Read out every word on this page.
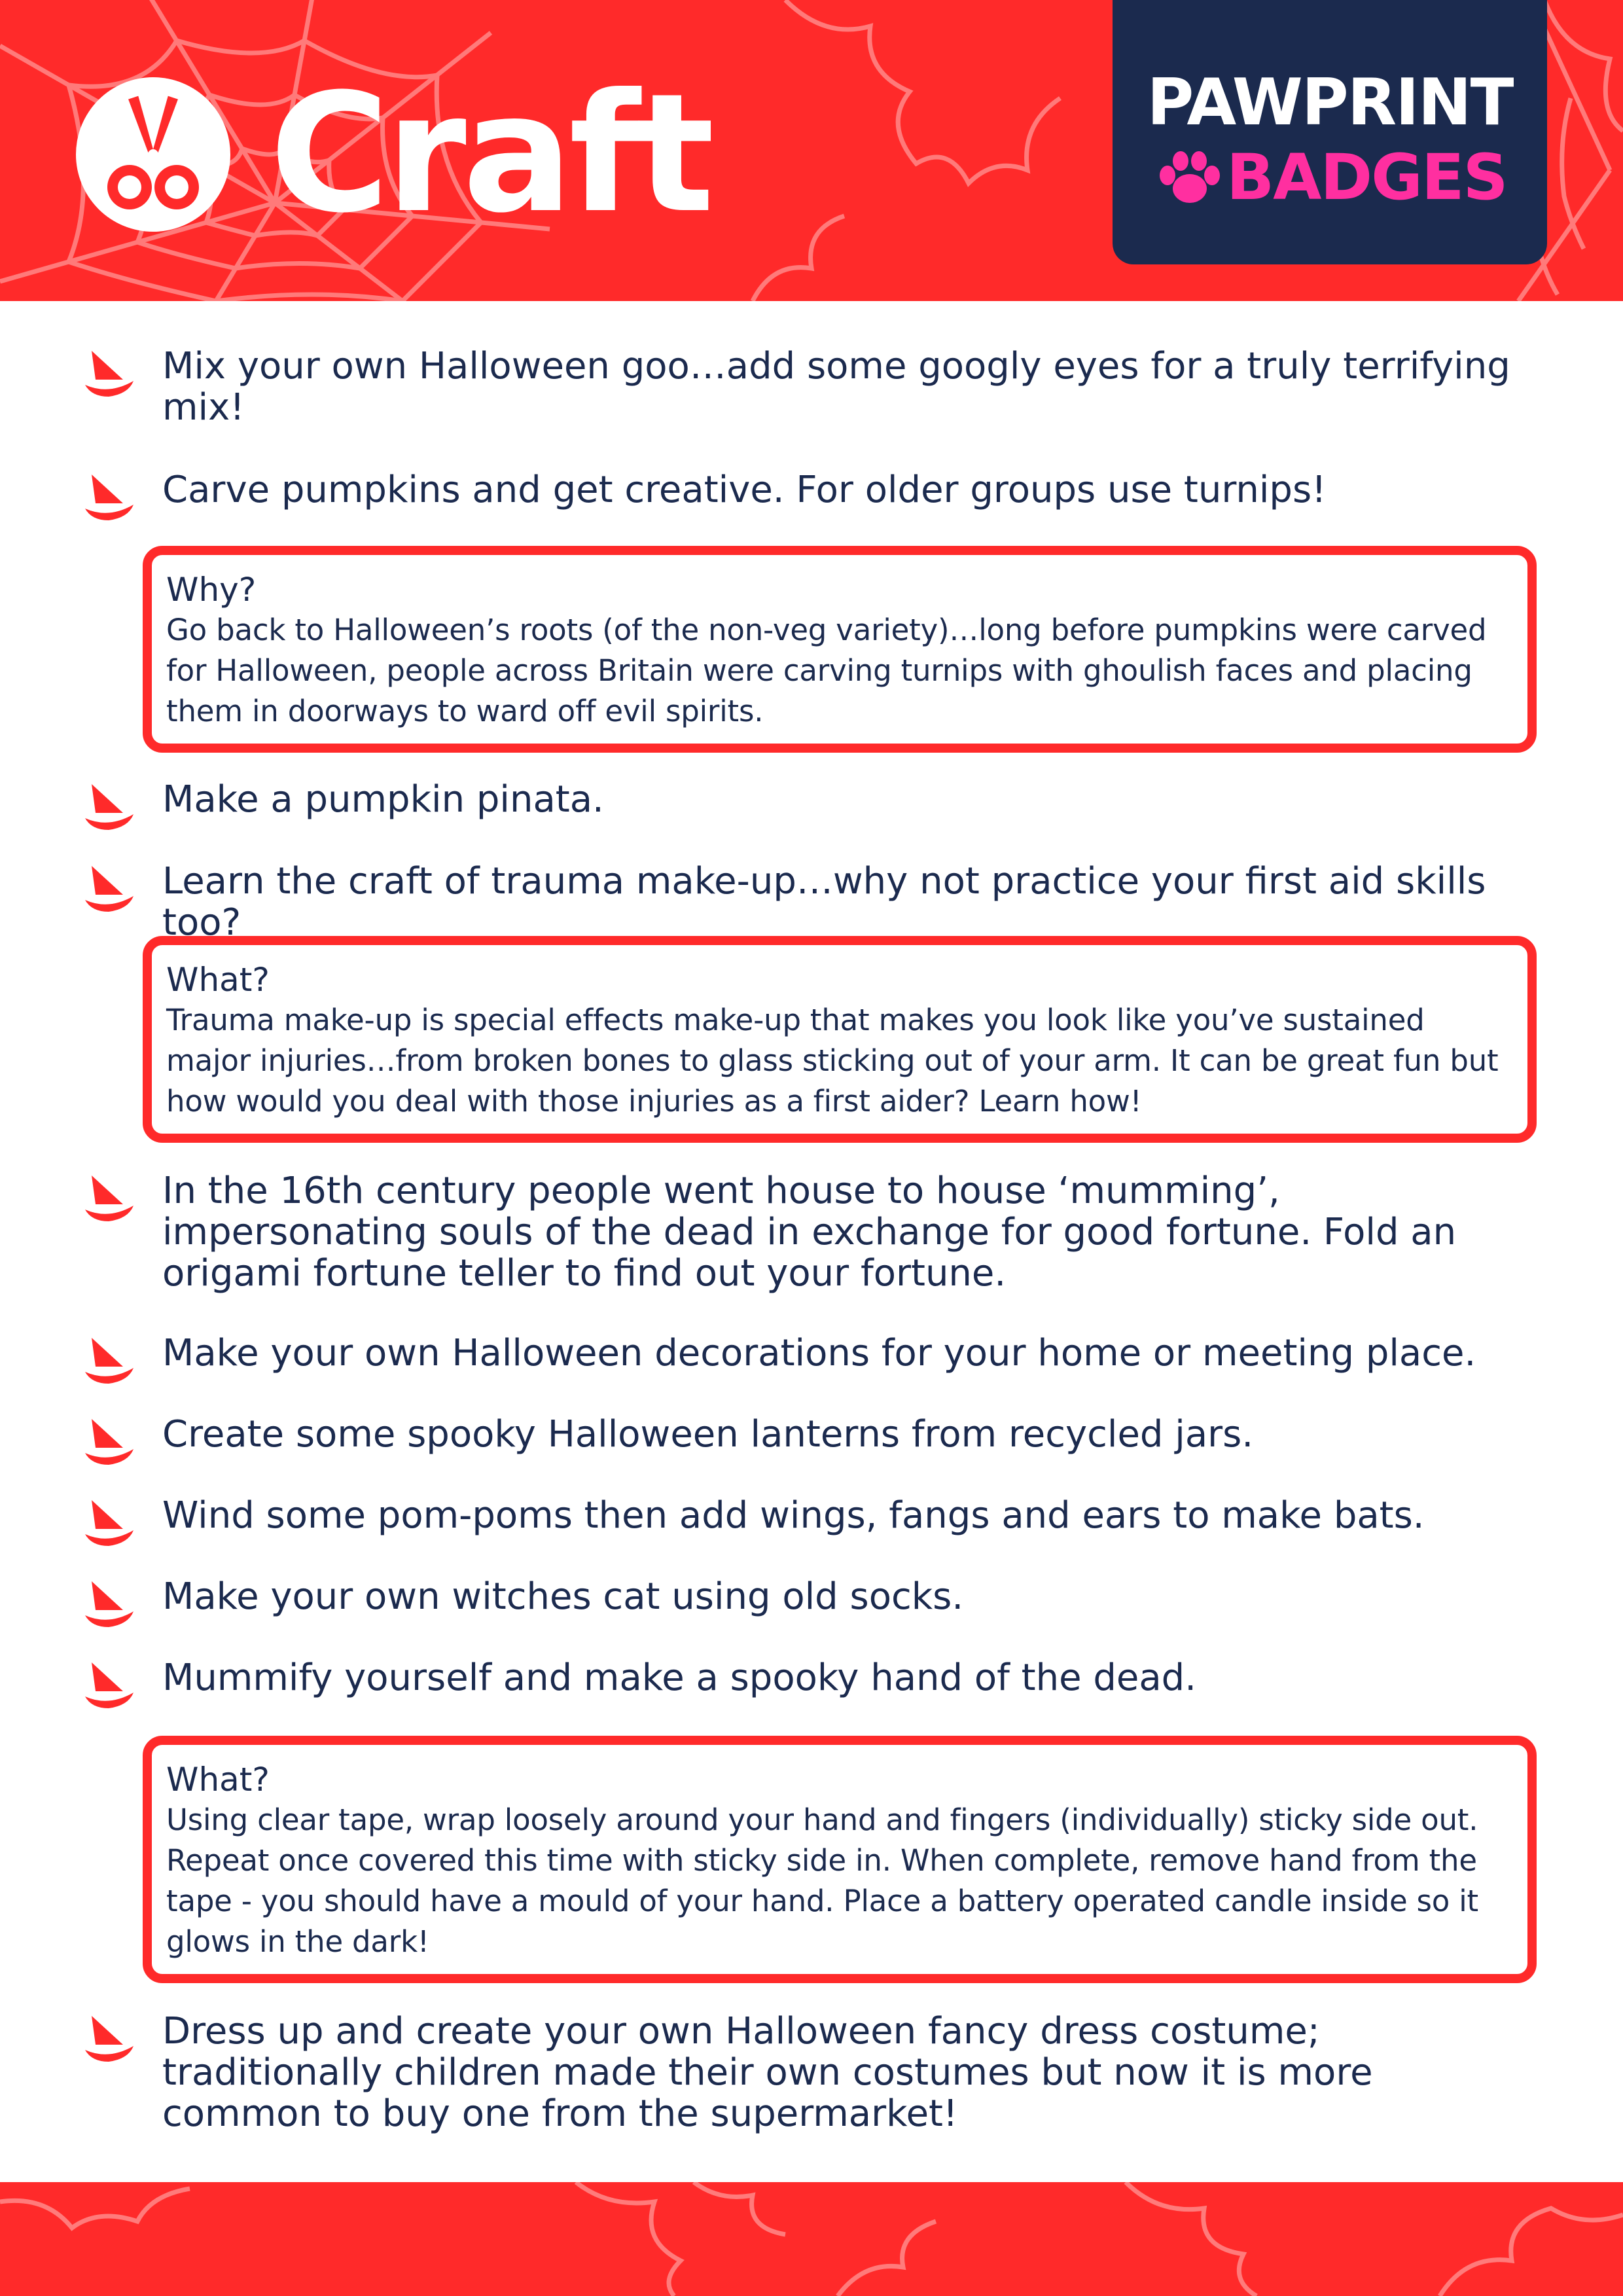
Craft	PAWPRINT
BADGES

Mix your own Halloween goo…add some googly eyes for a truly terrifying mix!

Carve pumpkins and get creative. For older groups use turnips!

Why?

Go back to Halloween’s roots (of the non-veg variety)…long before pumpkins were carved for Halloween, people across Britain were carving turnips with ghoulish faces and placing them in doorways to ward off evil spirits.

Make a pumpkin pinata.

Learn the craft of trauma make-up…why not practice your first aid skills too?

What?

Trauma make-up is special effects make-up that makes you look like you’ve sustained major injuries…from broken bones to glass sticking out of your arm. It can be great fun but how would you deal with those injuries as a first aider? Learn how!

In the 16th century people went house to house ‘mumming’, impersonating souls of the dead in exchange for good fortune. Fold an origami fortune teller to find out your fortune.

Make your own Halloween decorations for your home or meeting place.

Create some spooky Halloween lanterns from recycled jars.

Wind some pom-poms then add wings, fangs and ears to make bats.

Make your own witches cat using old socks.

Mummify yourself and make a spooky hand of the dead.

What?

Using clear tape, wrap loosely around your hand and fingers (individually) sticky side out. Repeat once covered this time with sticky side in. When complete, remove hand from the tape - you should have a mould of your hand. Place a battery operated candle inside so it glows in the dark!

Dress up and create your own Halloween fancy dress costume; traditionally children made their own costumes but now it is more common to buy one from the supermarket!
